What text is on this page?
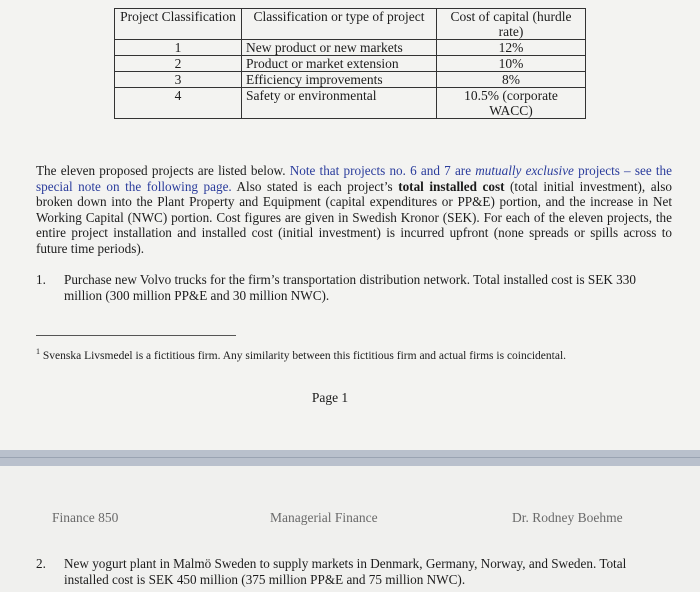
Project Classification	Classification or type of project	Cost of capital (hurdle rate)
1	New product or new markets	12%
2	Product or market extension	10%
3	Efficiency improvements	8%
4	Safety or environmental	10.5% (corporate WACC)
The eleven proposed projects are listed below. Note that projects no. 6 and 7 are mutually exclusive projects – see the special note on the following page. Also stated is each project’s total installed cost (total initial investment), also broken down into the Plant Property and Equipment (capital expenditures or PP&E) portion, and the increase in Net Working Capital (NWC) portion. Cost figures are given in Swedish Kronor (SEK). For each of the eleven projects, the entire project installation and installed cost (initial investment) is incurred upfront (none spreads or spills across to future time periods).
1. Purchase new Volvo trucks for the firm’s transportation distribution network. Total installed cost is SEK 330 million (300 million PP&E and 30 million NWC).
$^1$ Svenska Livsmedel is a fictitious firm. Any similarity between this fictitious firm and actual firms is coincidental.
Page 1
Finance 850	Managerial Finance	Dr. Rodney Boehme
2. New yogurt plant in Malmö Sweden to supply markets in Denmark, Germany, Norway, and Sweden. Total installed cost is SEK 450 million (375 million PP&E and 75 million NWC).
